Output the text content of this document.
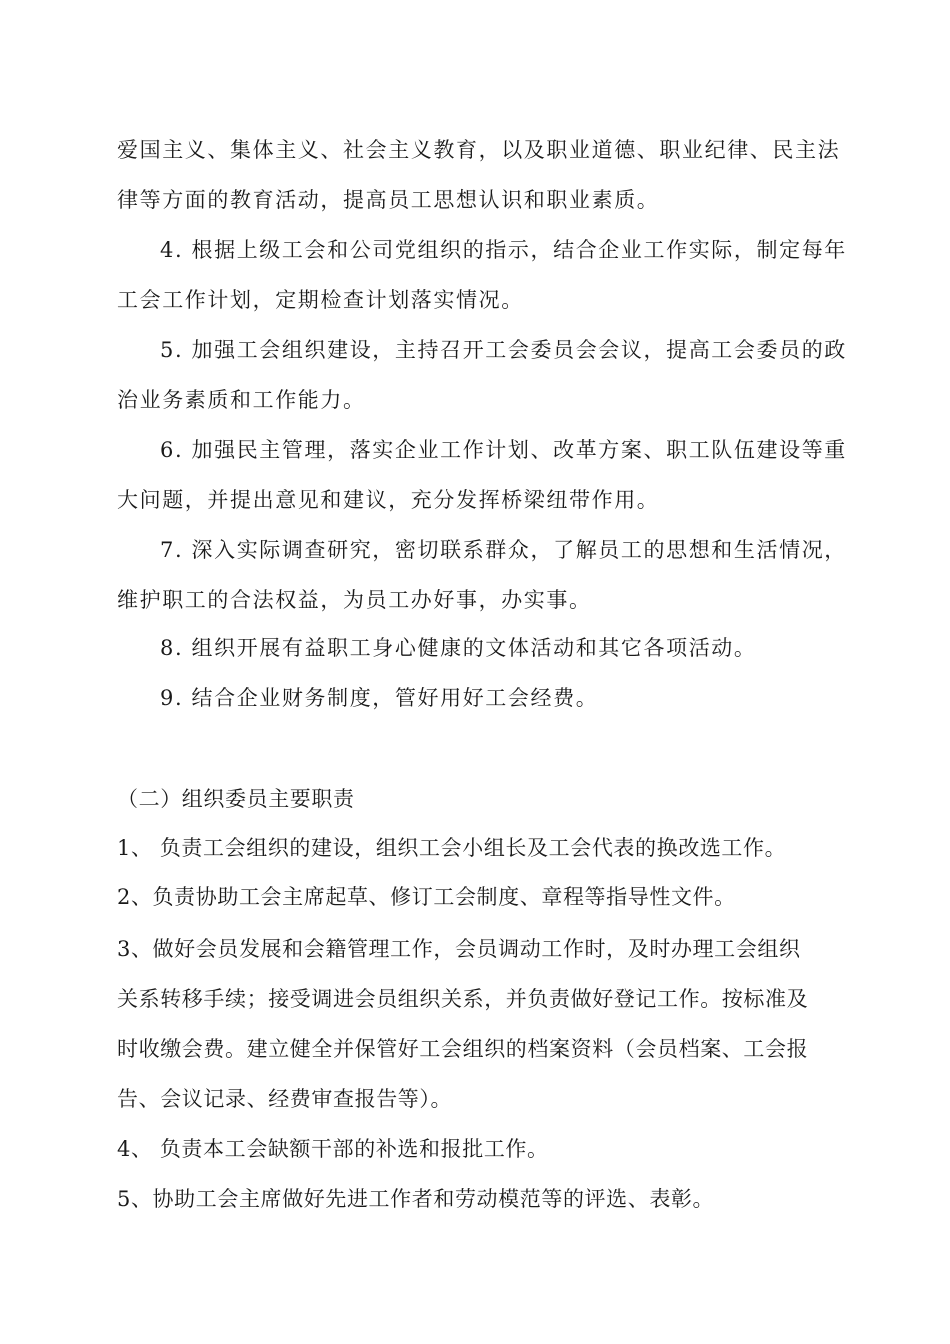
爱国主义、集体主义、社会主义教育，以及职业道德、职业纪律、民主法
律等方面的教育活动，提高员工思想认识和职业素质。
4. 根据上级工会和公司党组织的指示，结合企业工作实际，制定每年
工会工作计划，定期检查计划落实情况。
5. 加强工会组织建设，主持召开工会委员会会议，提高工会委员的政
治业务素质和工作能力。
6. 加强民主管理，落实企业工作计划、改革方案、职工队伍建设等重
大问题，并提出意见和建议，充分发挥桥梁纽带作用。
7. 深入实际调查研究，密切联系群众，了解员工的思想和生活情况，
维护职工的合法权益，为员工办好事，办实事。
8. 组织开展有益职工身心健康的文体活动和其它各项活动。
9. 结合企业财务制度，管好用好工会经费。
（二）组织委员主要职责
1、 负责工会组织的建设，组织工会小组长及工会代表的换改选工作。
2、负责协助工会主席起草、修订工会制度、章程等指导性文件。
3、做好会员发展和会籍管理工作，会员调动工作时，及时办理工会组织
关系转移手续；接受调进会员组织关系，并负责做好登记工作。按标准及
时收缴会费。建立健全并保管好工会组织的档案资料（会员档案、工会报
告、会议记录、经费审查报告等）。
4、 负责本工会缺额干部的补选和报批工作。
5、协助工会主席做好先进工作者和劳动模范等的评选、表彰。
